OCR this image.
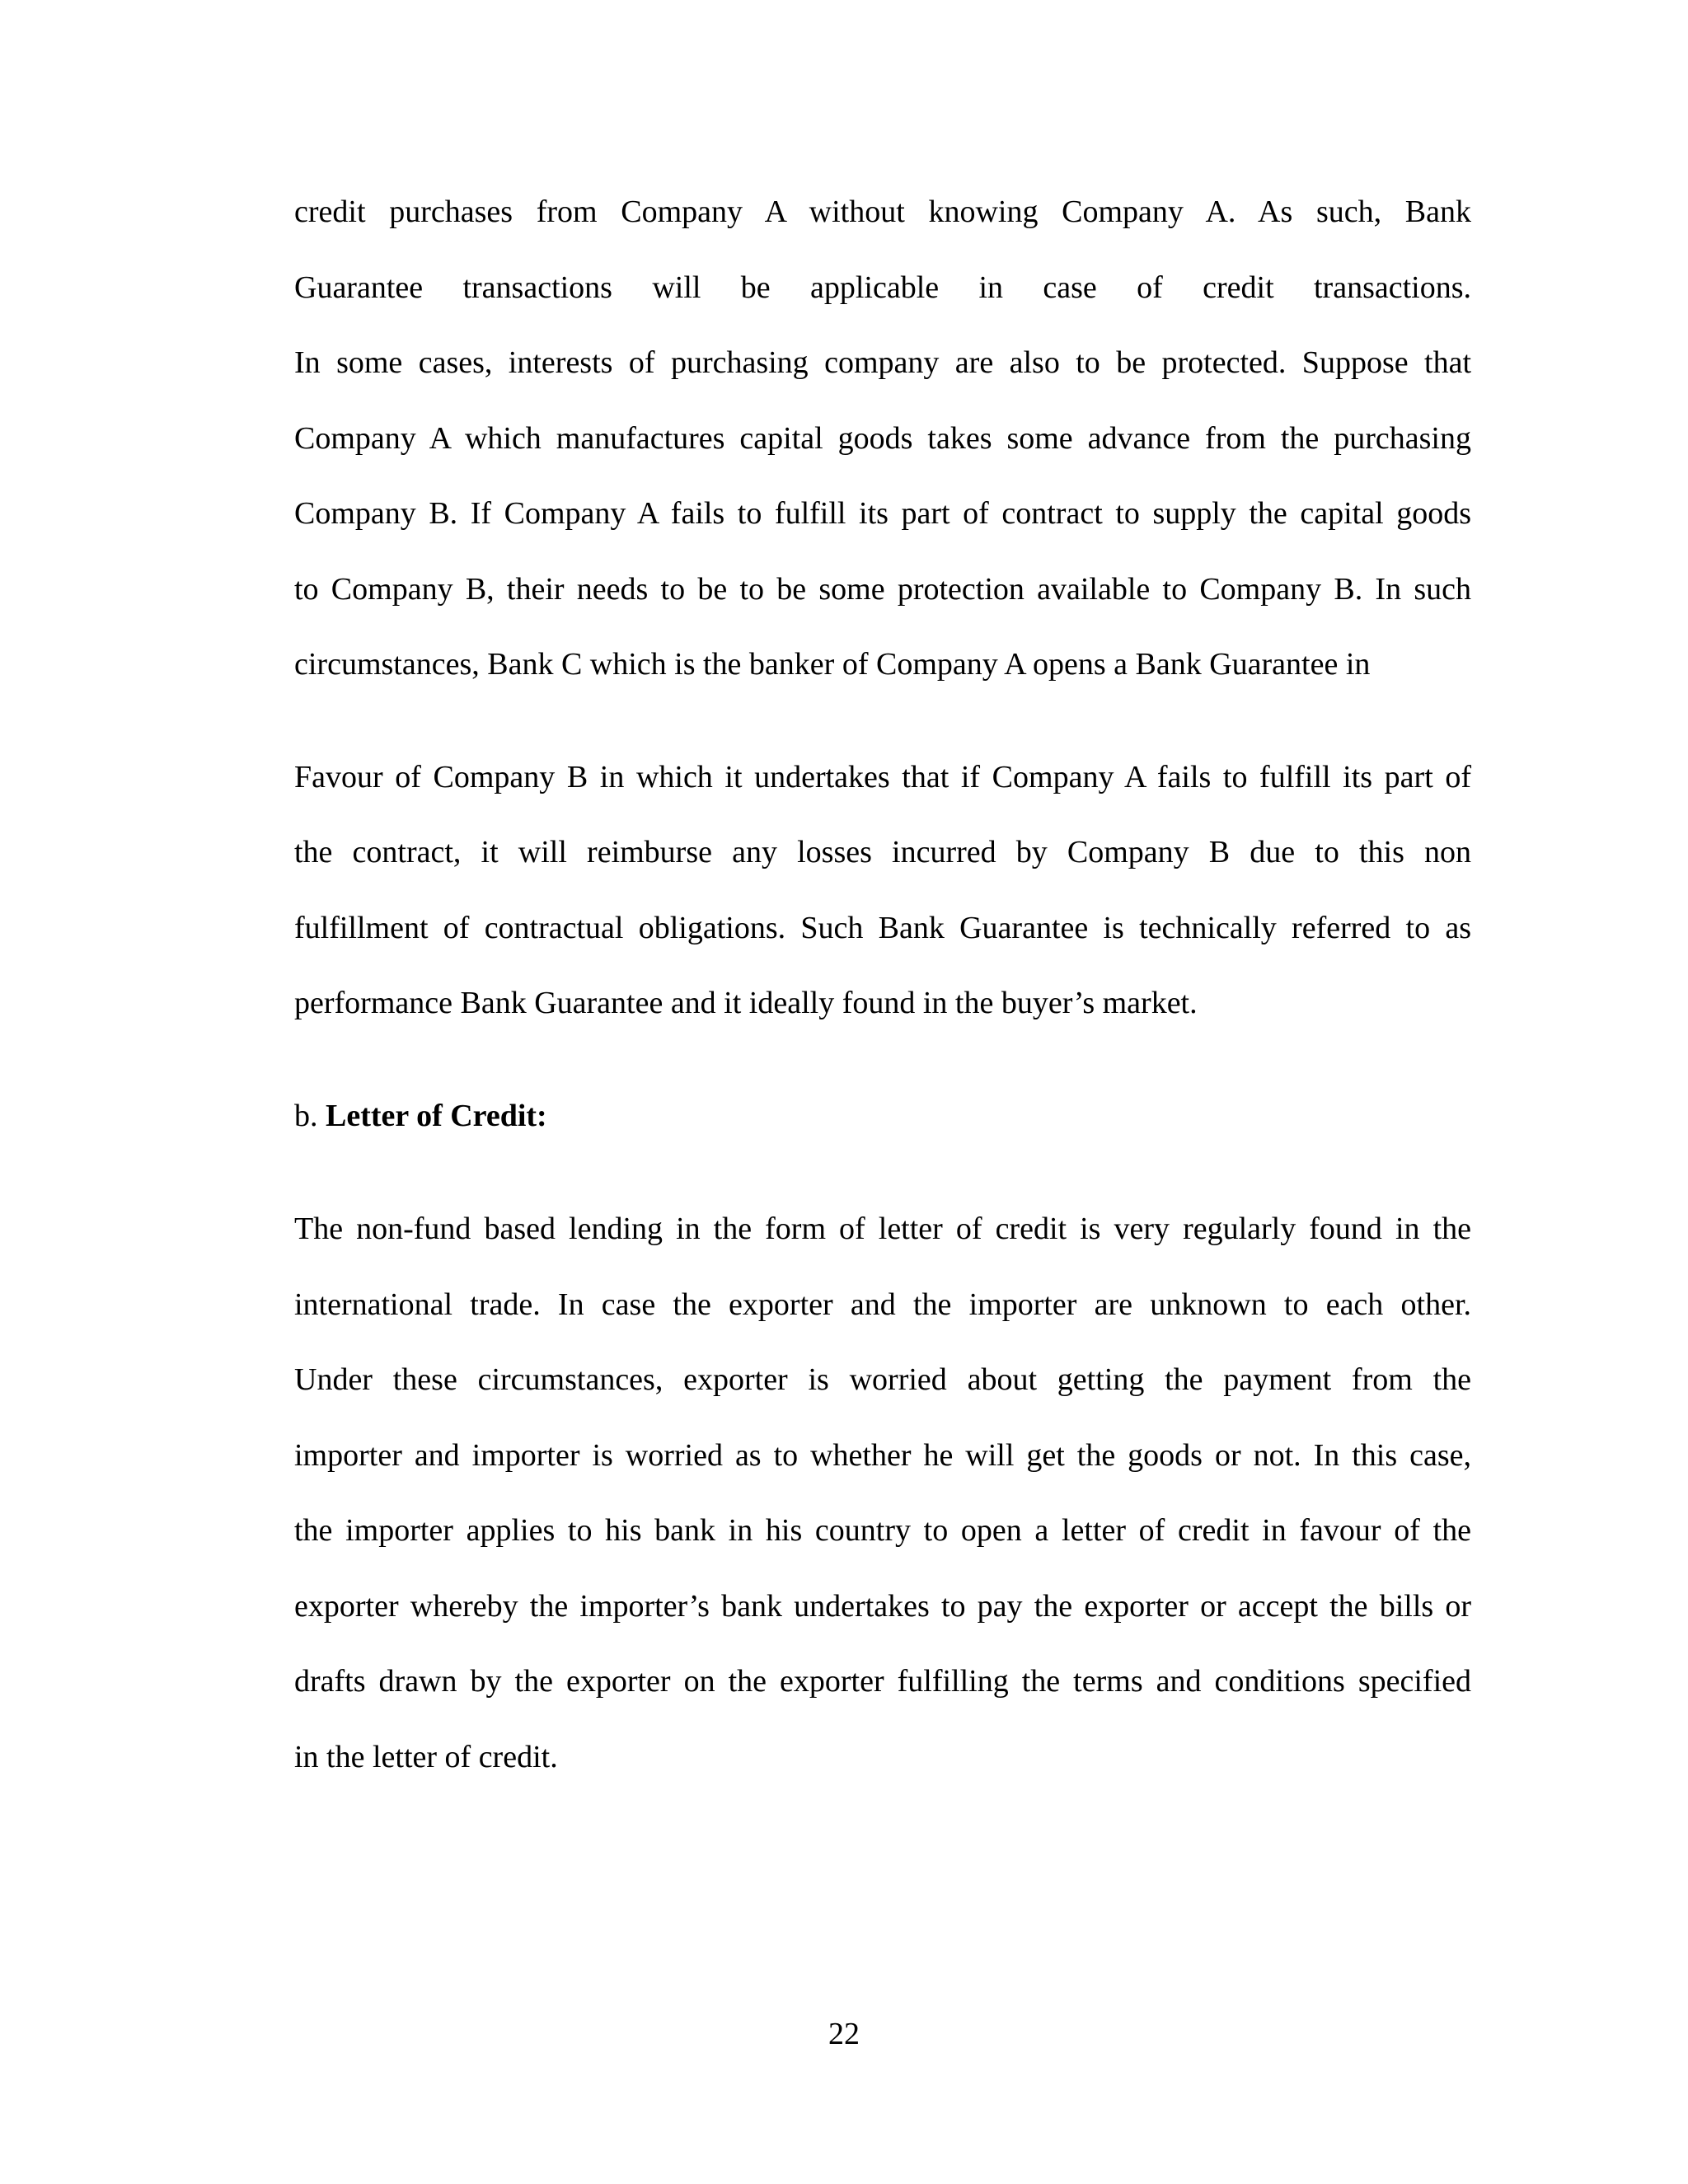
credit purchases from Company A without knowing Company A. As such, Bank
Guarantee transactions will be applicable in case of credit transactions.
In some cases, interests of purchasing company are also to be protected. Suppose that
Company A which manufactures capital goods takes some advance from the purchasing
Company B. If Company A fails to fulfill its part of contract to supply the capital goods
to Company B, their needs to be to be some protection available to Company B. In such
circumstances, Bank C which is the banker of Company A opens a Bank Guarantee in

Favour of Company B in which it undertakes that if Company A fails to fulfill its part of
the contract, it will reimburse any losses incurred by Company B due to this non
fulfillment of contractual obligations. Such Bank Guarantee is technically referred to as
performance Bank Guarantee and it ideally found in the buyer’s market.

b. Letter of Credit:

The non-fund based lending in the form of letter of credit is very regularly found in the
international trade. In case the exporter and the importer are unknown to each other.
Under these circumstances, exporter is worried about getting the payment from the
importer and importer is worried as to whether he will get the goods or not. In this case,
the importer applies to his bank in his country to open a letter of credit in favour of the
exporter whereby the importer’s bank undertakes to pay the exporter or accept the bills or
drafts drawn by the exporter on the exporter fulfilling the terms and conditions specified
in the letter of credit.

22
